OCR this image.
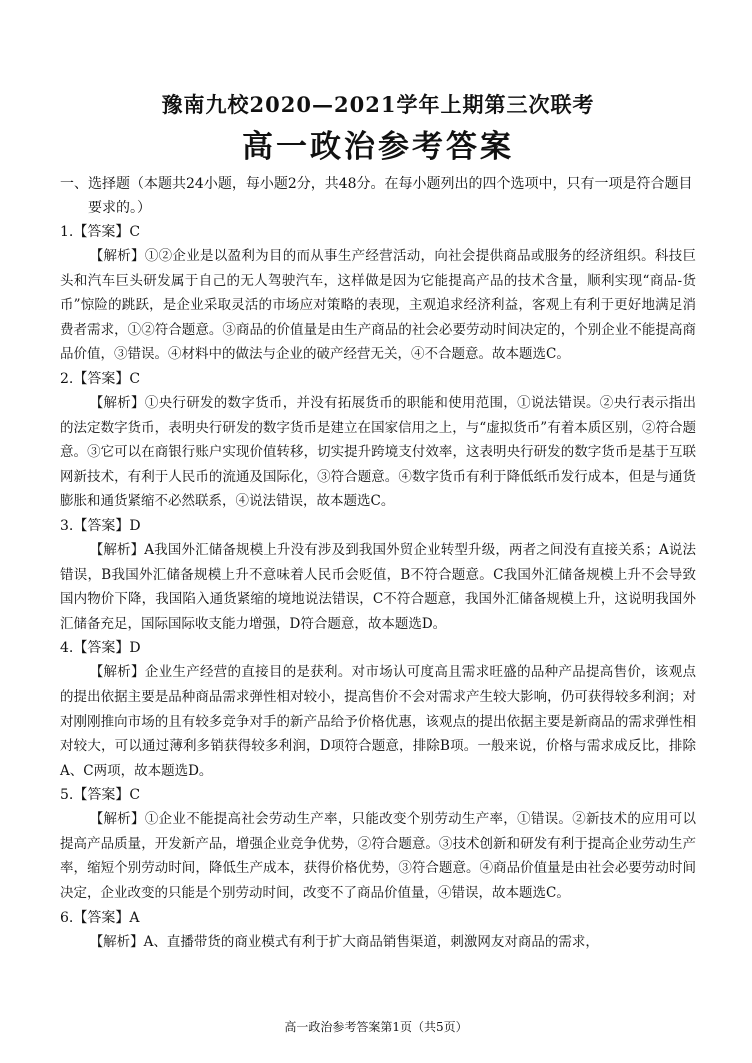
豫南九校2020—2021学年上期第三次联考
高一政治参考答案

一、选择题（本题共24小题，每小题2分，共48分。在每小题列出的四个选项中，只有一项是符合题目要求的。）

1.【答案】C

【解析】①②企业是以盈利为目的而从事生产经营活动，向社会提供商品或服务的经济组织。科技巨头和汽车巨头研发属于自己的无人驾驶汽车，这样做是因为它能提高产品的技术含量，顺利实现“商品-货币”惊险的跳跃，是企业采取灵活的市场应对策略的表现，主观追求经济利益，客观上有利于更好地满足消费者需求，①②符合题意。③商品的价值量是由生产商品的社会必要劳动时间决定的，个别企业不能提高商品价值，③错误。④材料中的做法与企业的破产经营无关，④不合题意。故本题选C。

2.【答案】C

【解析】①央行研发的数字货币，并没有拓展货币的职能和使用范围，①说法错误。②央行表示指出的法定数字货币，表明央行研发的数字货币是建立在国家信用之上，与“虚拟货币”有着本质区别，②符合题意。③它可以在商银行账户实现价值转移，切实提升跨境支付效率，这表明央行研发的数字货币是基于互联网新技术，有利于人民币的流通及国际化，③符合题意。④数字货币有利于降低纸币发行成本，但是与通货膨胀和通货紧缩不必然联系，④说法错误，故本题选C。

3.【答案】D

【解析】A我国外汇储备规模上升没有涉及到我国外贸企业转型升级，两者之间没有直接关系；A说法错误，B我国外汇储备规模上升不意味着人民币会贬值，B不符合题意。C我国外汇储备规模上升不会导致国内物价下降，我国陷入通货紧缩的境地说法错误，C不符合题意，我国外汇储备规模上升，这说明我国外汇储备充足，国际国际收支能力增强，D符合题意，故本题选D。

4.【答案】D

【解析】企业生产经营的直接目的是获利。对市场认可度高且需求旺盛的品种产品提高售价，该观点的提出依据主要是品种商品需求弹性相对较小，提高售价不会对需求产生较大影响，仍可获得较多利润；对对刚刚推向市场的且有较多竞争对手的新产品给予价格优惠，该观点的提出依据主要是新商品的需求弹性相对较大，可以通过薄利多销获得较多利润，D项符合题意，排除B项。一般来说，价格与需求成反比，排除A、C两项，故本题选D。

5.【答案】C

【解析】①企业不能提高社会劳动生产率，只能改变个别劳动生产率，①错误。②新技术的应用可以提高产品质量，开发新产品，增强企业竞争优势，②符合题意。③技术创新和研发有利于提高企业劳动生产率，缩短个别劳动时间，降低生产成本，获得价格优势，③符合题意。④商品价值量是由社会必要劳动时间决定，企业改变的只能是个别劳动时间，改变不了商品价值量，④错误，故本题选C。

6.【答案】A

【解析】A、直播带货的商业模式有利于扩大商品销售渠道，刺激网友对商品的需求，

高一政治参考答案第1页（共5页）
